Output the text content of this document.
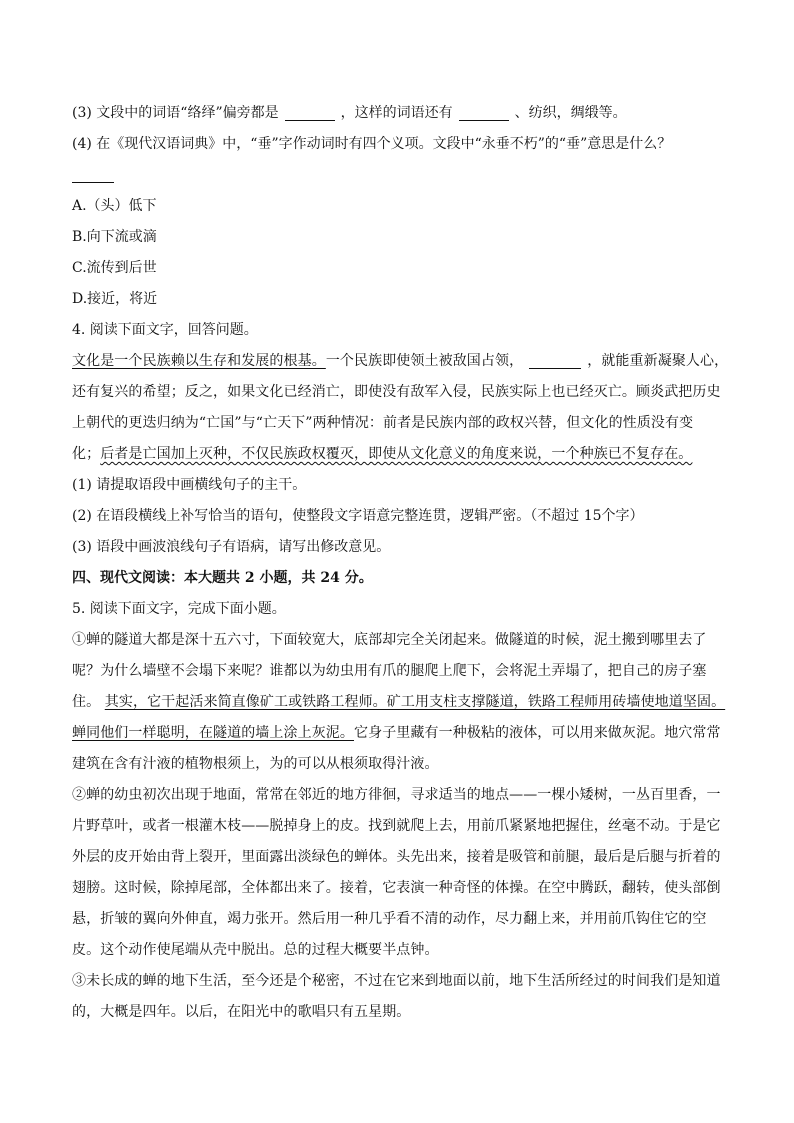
(3) 文段中的词语“络绎”偏旁都是	，这样的词语还有	、纺织，绸缎等。
(4) 在《现代汉语词典》中，“垂”字作动词时有四个义项。文段中“永垂不朽”的“垂”意思是什么？
A.（头）低下
B.向下流或滴
C.流传到后世
D.接近，将近
4. 阅读下面文字，回答问题。
文化是一个民族赖以生存和发展的根基。一个民族即使领土被敌国占领，	，就能重新凝聚人心，
还有复兴的希望；反之，如果文化已经消亡，即使没有敌军入侵，民族实际上也已经灭亡。顾炎武把历史
上朝代的更迭归纳为“亡国”与“亡天下”两种情况：前者是民族内部的政权兴替，但文化的性质没有变
化；后者是亡国加上灭种，不仅民族政权覆灭，即使从文化意义的角度来说，一个种族已不复存在。
(1) 请提取语段中画横线句子的主干。
(2) 在语段横线上补写恰当的语句，使整段文字语意完整连贯，逻辑严密。（不超过 15个字）
(3) 语段中画波浪线句子有语病，请写出修改意见。
四、现代文阅读：本大题共 2 小题，共 24 分。
5. 阅读下面文字，完成下面小题。
①蝉的隧道大都是深十五六寸，下面较宽大，底部却完全关闭起来。做隧道的时候，泥土搬到哪里去了
呢？为什么墙壁不会塌下来呢？谁都以为幼虫用有爪的腿爬上爬下，会将泥土弄塌了，把自己的房子塞
住。 其实，它干起活来简直像矿工或铁路工程师。矿工用支柱支撑隧道，铁路工程师用砖墙使地道坚固。
蝉同他们一样聪明，在隧道的墙上涂上灰泥。它身子里藏有一种极粘的液体，可以用来做灰泥。地穴常常
建筑在含有汁液的植物根须上，为的可以从根须取得汁液。
②蝉的幼虫初次出现于地面，常常在邻近的地方徘徊，寻求适当的地点——一棵小矮树，一丛百里香，一
片野草叶，或者一根灌木枝——脱掉身上的皮。找到就爬上去，用前爪紧紧地把握住，丝毫不动。于是它
外层的皮开始由背上裂开，里面露出淡绿色的蝉体。头先出来，接着是吸管和前腿，最后是后腿与折着的
翅膀。这时候，除掉尾部，全体都出来了。接着，它表演一种奇怪的体操。在空中腾跃，翻转，使头部倒
悬，折皱的翼向外伸直，竭力张开。然后用一种几乎看不清的动作，尽力翻上来，并用前爪钩住它的空
皮。这个动作使尾端从壳中脱出。总的过程大概要半点钟。
③未长成的蝉的地下生活，至今还是个秘密，不过在它来到地面以前，地下生活所经过的时间我们是知道
的，大概是四年。以后，在阳光中的歌唱只有五星期。
